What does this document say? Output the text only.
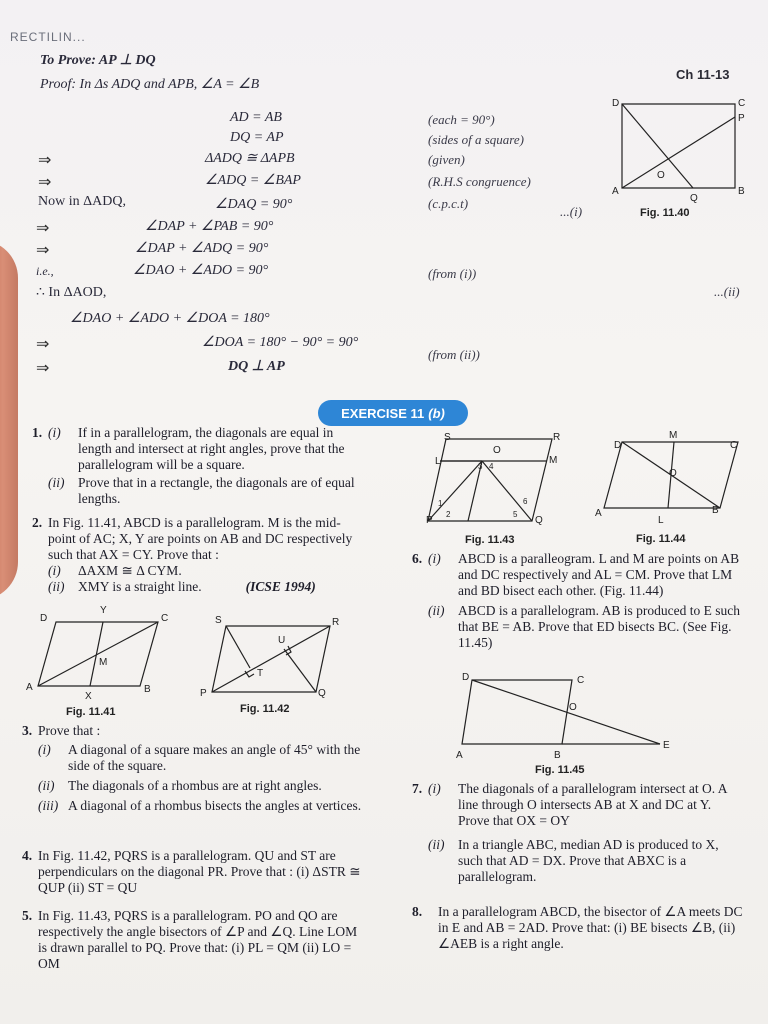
RECTILIN...
Ch 11-13
To Prove: AP ⊥ DQ
Proof: In Δs ADQ and APB, ∠A = ∠B
AD = AB	(each = 90°)
DQ = AP	(sides of a square)
⇒	ΔADQ ≅ ΔAPB	(given)
⇒	∠ADQ = ∠BAP	(R.H.S congruence)
Now in ΔADQ,	∠DAQ = 90°	(c.p.c.t)
...(i)
⇒	∠DAP + ∠PAB = 90°
⇒	∠DAP + ∠ADQ = 90°
i.e.,	∠DAO + ∠ADO = 90°	(from (i))
∴ In ΔAOD,	...(ii)
∠DAO + ∠ADO + ∠DOA = 180°
⇒	∠DOA = 180° − 90° = 90°
(from (ii))
⇒	DQ ⊥ AP
D	C
P
O
A
Q
B
Fig. 11.40
EXERCISE 11 (b)
1. (i)	If in a parallelogram, the diagonals are equal in length and intersect at right angles, prove that the parallelogram will be a square.
(ii)	Prove that in a rectangle, the diagonals are of equal lengths.
2. In Fig. 11.41, ABCD is a parallelogram. M is the mid-point of AC; X, Y are points on AB and DC respectively such that AX = CY. Prove that :
(i)	ΔAXM ≅ Δ CYM.
(ii)	XMY is a straight line.	(ICSE 1994)
D
Y
C
M
A
X
B
Fig. 11.41
S	R
U
T
P	Q
Fig. 11.42
3. Prove that :
(i)	A diagonal of a square makes an angle of 45° with the side of the square.
(ii)	The diagonals of a rhombus are at right angles.
(iii) A diagonal of a rhombus bisects the angles at vertices.
4. In Fig. 11.42, PQRS is a parallelogram. QU and ST are perpendiculars on the diagonal PR. Prove that : (i) ΔSTR ≅ QUP (ii) ST = QU
5. In Fig. 11.43, PQRS is a parallelogram. PO and QO are respectively the angle bisectors of ∠P and ∠Q. Line LOM is drawn parallel to PQ. Prove that: (i) PL = QM (ii) LO = OM
S
O
R
L	M
P	Q
1
2
3 4
5
6
Fig. 11.43
D
M
C
O
A
L
B
Fig. 11.44
6. (i)	ABCD is a paralleogram. L and M are points on AB and DC respectively and AL = CM. Prove that LM and BD bisect each other. (Fig. 11.44)
(ii)	ABCD is a parallelogram. AB is produced to E such that BE = AB. Prove that ED bisects BC. (See Fig. 11.45)
D	C
O
A	B
E
Fig. 11.45
7. (i)	The diagonals of a parallelogram intersect at O. A line through O intersects AB at X and DC at Y. Prove that OX = OY
(ii)	In a triangle ABC, median AD is produced to X, such that AD = DX. Prove that ABXC is a parallelogram.
8.	In a parallelogram ABCD, the bisector of ∠A meets DC in E and AB = 2AD. Prove that: (i) BE bisects ∠B, (ii) ∠AEB is a right angle.
